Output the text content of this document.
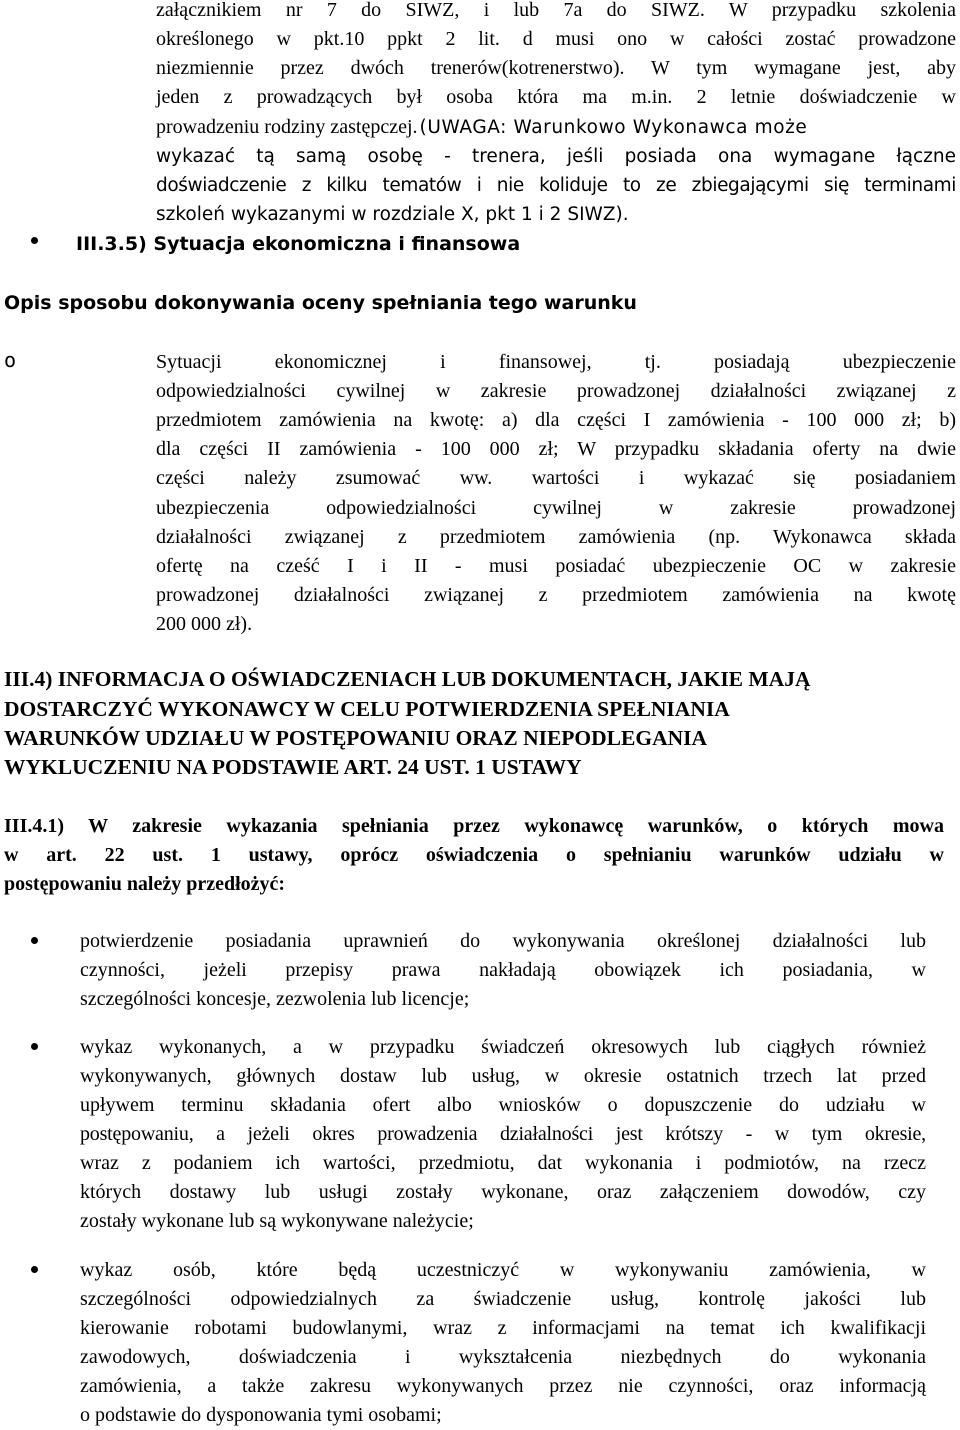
załącznikiem nr 7 do SIWZ, i lub 7a do SIWZ. W przypadku szkolenia
określonego w pkt.10 ppkt 2 lit. d musi ono w całości zostać prowadzone
niezmiennie przez dwóch trenerów(kotrenerstwo). W tym wymagane jest, aby
jeden z prowadzących był osoba która ma m.in. 2 letnie doświadczenie w
prowadzeniu rodziny zastępczej. (UWAGA: Warunkowo Wykonawca może
wykazać tą samą osobę - trenera, jeśli posiada ona wymagane łączne
doświadczenie z kilku tematów i nie koliduje to ze zbiegającymi się terminami
szkoleń wykazanymi w rozdziale X, pkt 1 i 2 SIWZ).
III.3.5) Sytuacja ekonomiczna i finansowa
Opis sposobu dokonywania oceny spełniania tego warunku
o	Sytuacji ekonomicznej i finansowej, tj. posiadają ubezpieczenie
odpowiedzialności cywilnej w zakresie prowadzonej działalności związanej z
przedmiotem zamówienia na kwotę: a) dla części I zamówienia - 100 000 zł; b)
dla części II zamówienia - 100 000 zł; W przypadku składania oferty na dwie
części należy zsumować ww. wartości i wykazać się posiadaniem
ubezpieczenia odpowiedzialności cywilnej w zakresie prowadzonej
działalności związanej z przedmiotem zamówienia (np. Wykonawca składa
ofertę na cześć I i II - musi posiadać ubezpieczenie OC w zakresie
prowadzonej działalności związanej z przedmiotem zamówienia na kwotę
200 000 zł).
III.4) INFORMACJA O OŚWIADCZENIACH LUB DOKUMENTACH, JAKIE MAJĄ
DOSTARCZYĆ WYKONAWCY W CELU POTWIERDZENIA SPEŁNIANIA
WARUNKÓW UDZIAŁU W POSTĘPOWANIU ORAZ NIEPODLEGANIA
WYKLUCZENIU NA PODSTAWIE ART. 24 UST. 1 USTAWY
III.4.1) W zakresie wykazania spełniania przez wykonawcę warunków, o których mowa
w art. 22 ust. 1 ustawy, oprócz oświadczenia o spełnianiu warunków udziału w
postępowaniu należy przedłożyć:
potwierdzenie posiadania uprawnień do wykonywania określonej działalności lub
czynności, jeżeli przepisy prawa nakładają obowiązek ich posiadania, w
szczególności koncesje, zezwolenia lub licencje;
wykaz wykonanych, a w przypadku świadczeń okresowych lub ciągłych również
wykonywanych, głównych dostaw lub usług, w okresie ostatnich trzech lat przed
upływem terminu składania ofert albo wniosków o dopuszczenie do udziału w
postępowaniu, a jeżeli okres prowadzenia działalności jest krótszy - w tym okresie,
wraz z podaniem ich wartości, przedmiotu, dat wykonania i podmiotów, na rzecz
których dostawy lub usługi zostały wykonane, oraz załączeniem dowodów, czy
zostały wykonane lub są wykonywane należycie;
wykaz osób, które będą uczestniczyć w wykonywaniu zamówienia, w
szczególności odpowiedzialnych za świadczenie usług, kontrolę jakości lub
kierowanie robotami budowlanymi, wraz z informacjami na temat ich kwalifikacji
zawodowych, doświadczenia i wykształcenia niezbędnych do wykonania
zamówienia, a także zakresu wykonywanych przez nie czynności, oraz informacją
o podstawie do dysponowania tymi osobami;
